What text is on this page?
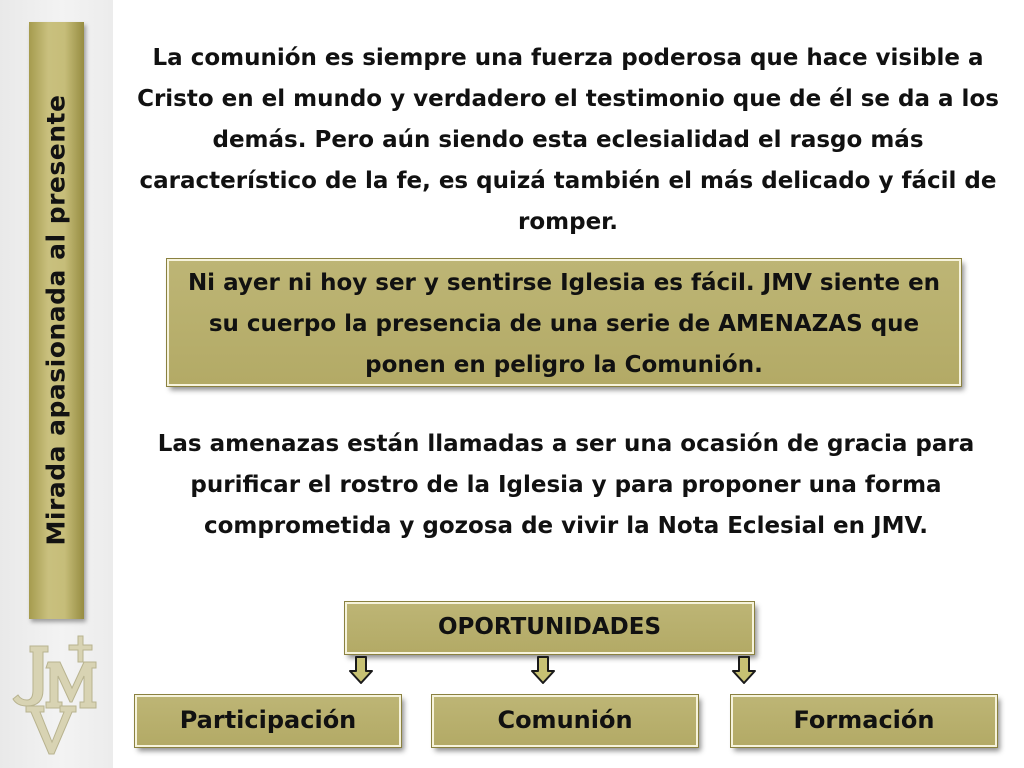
Mirada apasionada al presente
La comunión es siempre una fuerza poderosa que hace visible a Cristo en el mundo y verdadero el testimonio que de él se da a los demás. Pero aún siendo esta eclesialidad el rasgo más característico de la fe, es quizá también el más delicado y fácil de romper.
Ni ayer ni hoy ser y sentirse Iglesia es fácil. JMV siente en su cuerpo la presencia de una serie de AMENAZAS que ponen en peligro la Comunión.
Las amenazas están llamadas a ser una ocasión de gracia para purificar el rostro de la Iglesia y para proponer una forma comprometida y gozosa de vivir la Nota Eclesial en JMV.
OPORTUNIDADES
Participación	Comunión	Formación
